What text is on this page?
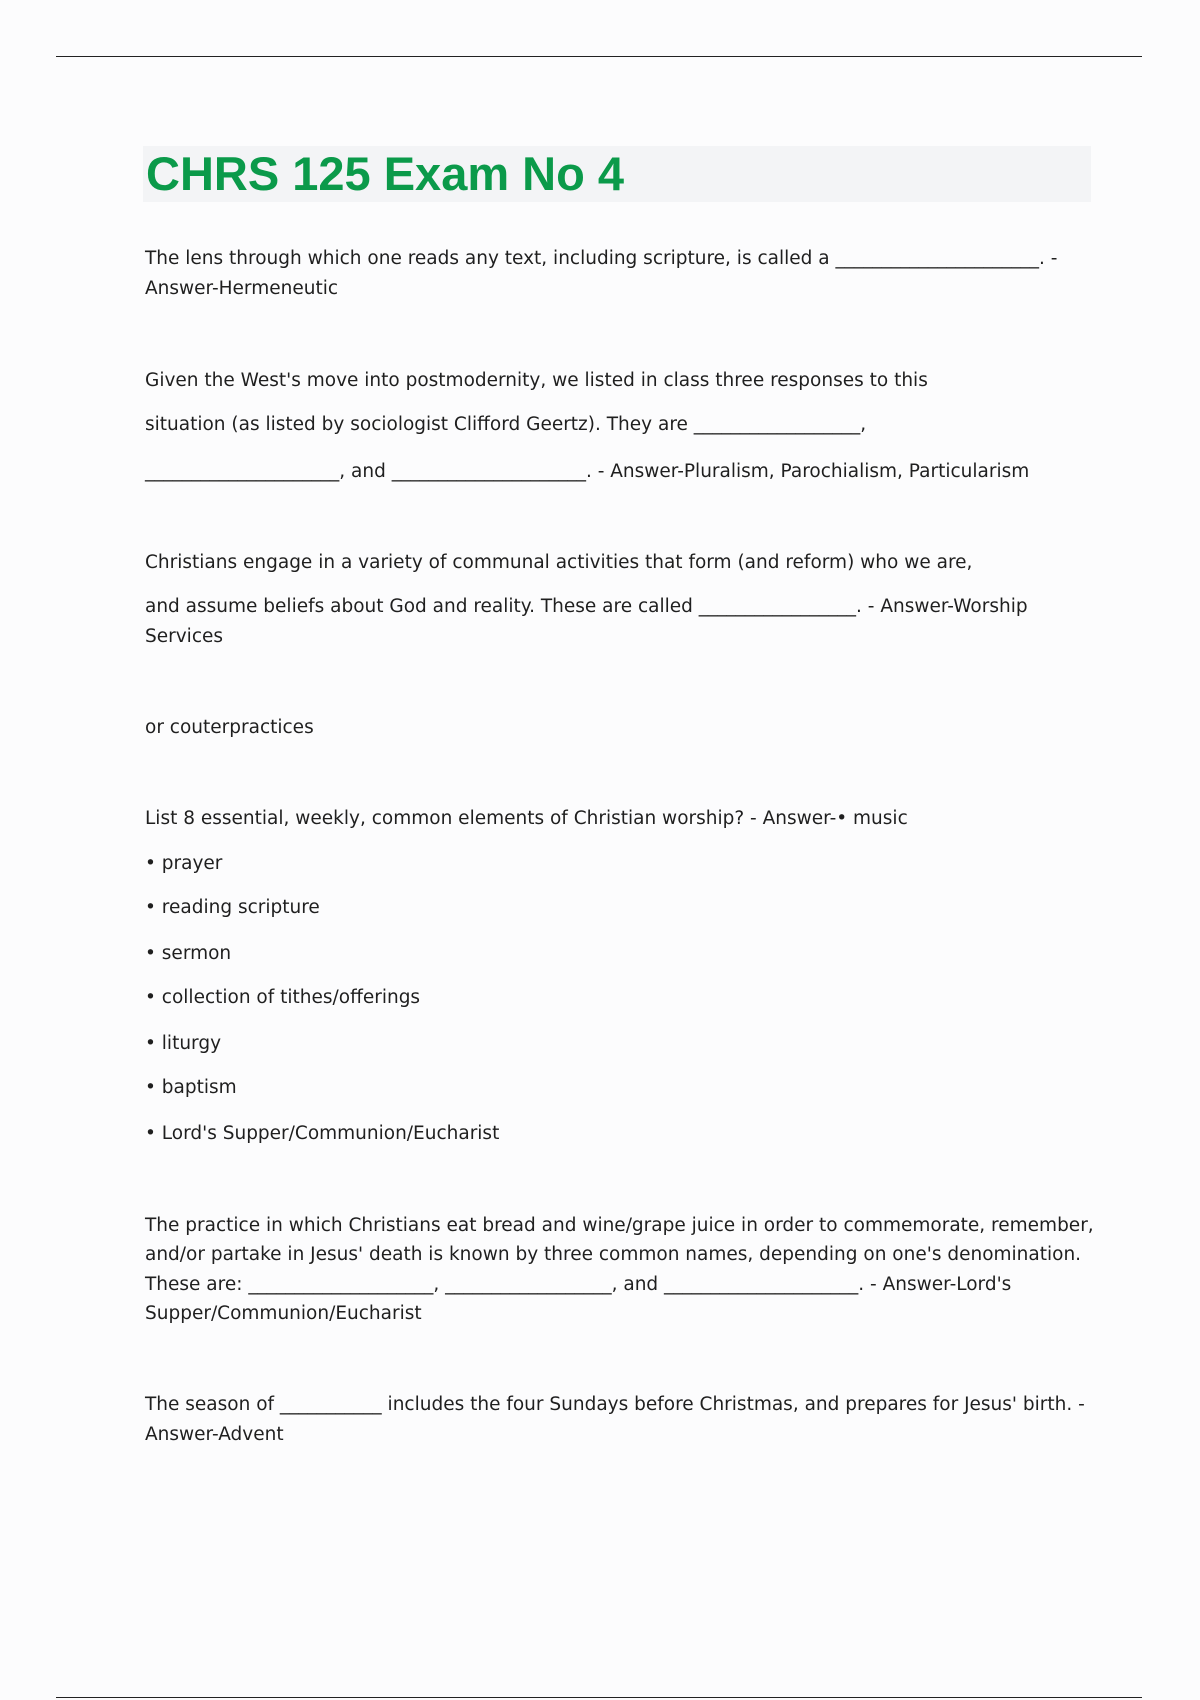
CHRS 125 Exam No 4

The lens through which one reads any text, including scripture, is called a ______________________. -

Answer-Hermeneutic

Given the West's move into postmodernity, we listed in class three responses to this

situation (as listed by sociologist Clifford Geertz). They are __________________,

_____________________, and _____________________. - Answer-Pluralism, Parochialism, Particularism

Christians engage in a variety of communal activities that form (and reform) who we are,

and assume beliefs about God and reality. These are called _________________. - Answer-Worship

Services

or couterpractices

List 8 essential, weekly, common elements of Christian worship? - Answer-• music

• prayer

• reading scripture

• sermon

• collection of tithes/offerings

• liturgy

• baptism

• Lord's Supper/Communion/Eucharist

The practice in which Christians eat bread and wine/grape juice in order to commemorate, remember,

and/or partake in Jesus' death is known by three common names, depending on one's denomination.

These are: ____________________, __________________, and _____________________. - Answer-Lord's

Supper/Communion/Eucharist

The season of ___________ includes the four Sundays before Christmas, and prepares for Jesus' birth. -

Answer-Advent
